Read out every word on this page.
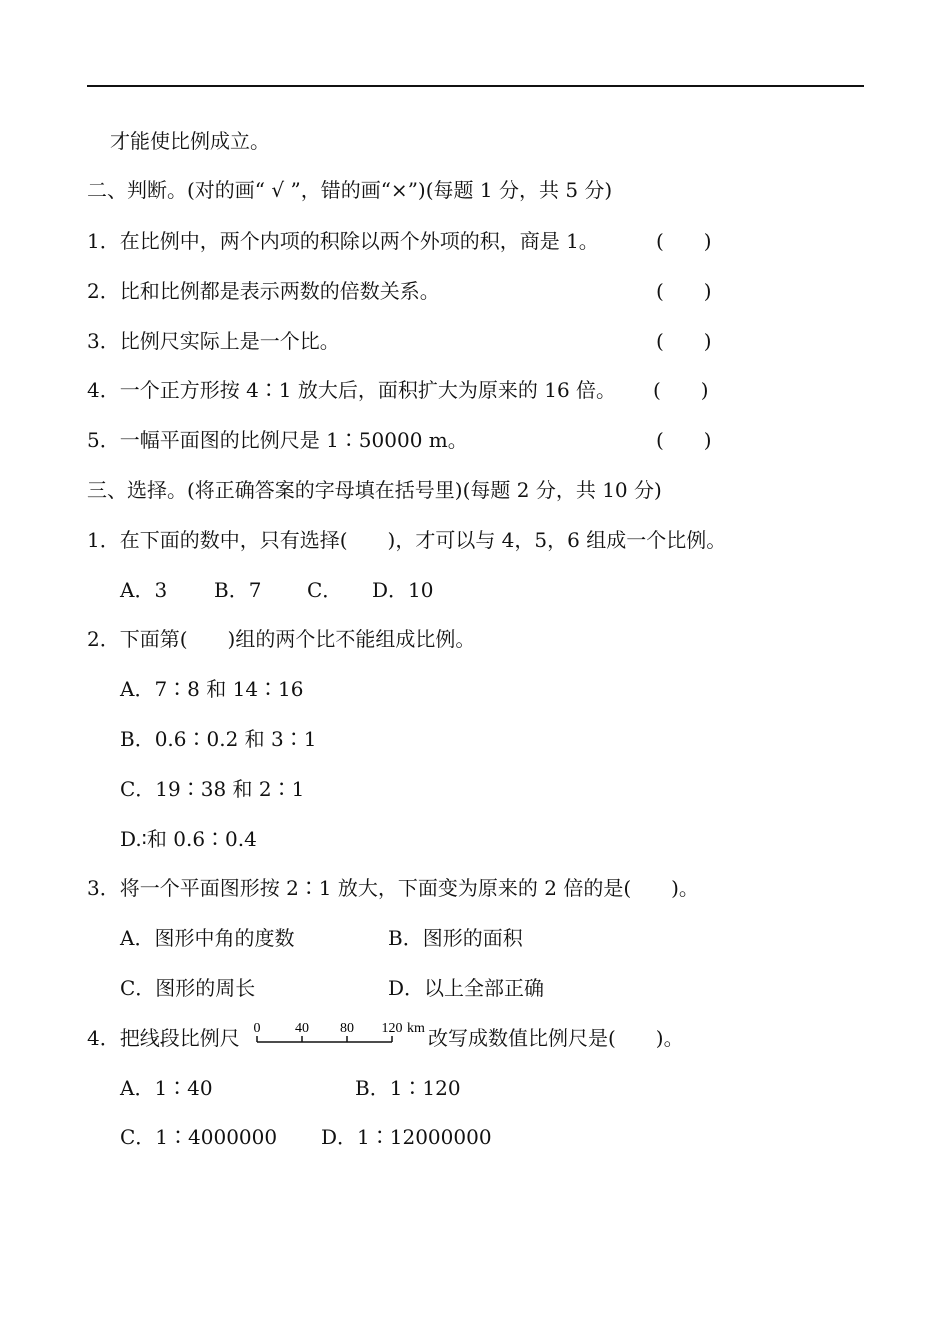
才能使比例成立。
二、判断。(对的画“ √ ”，错的画“×”)(每题 1 分，共 5 分)
1．在比例中，两个内项的积除以两个外项的积，商是 1。	(　　)
2．比和比例都是表示两数的倍数关系。	(　　)
3．比例尺实际上是一个比。	(　　)
4．一个正方形按 4∶1 放大后，面积扩大为原来的 16 倍。 (　　)
5．一幅平面图的比例尺是 1∶50000 m。	(　　)
三、选择。(将正确答案的字母填在括号里)(每题 2 分，共 10 分)
1．在下面的数中，只有选择(　　)，才可以与 4，5，6 组成一个比例。
A．3 B．7 C． D．10
2．下面第(　　)组的两个比不能组成比例。
A．7∶8 和 14∶16
B．0.6∶0.2 和 3∶1
C．19∶38 和 2∶1
D.∶和 0.6∶0.4
3．将一个平面图形按 2∶1 放大，下面变为原来的 2 倍的是(　　)。
A．图形中角的度数	B．图形的面积
C．图形的周长	D．以上全部正确
4．把线段比例尺 0 40 80 120 km 改写成数值比例尺是(　　)。
A．1∶40	B．1∶120
C．1∶4000000 D．1∶12000000
